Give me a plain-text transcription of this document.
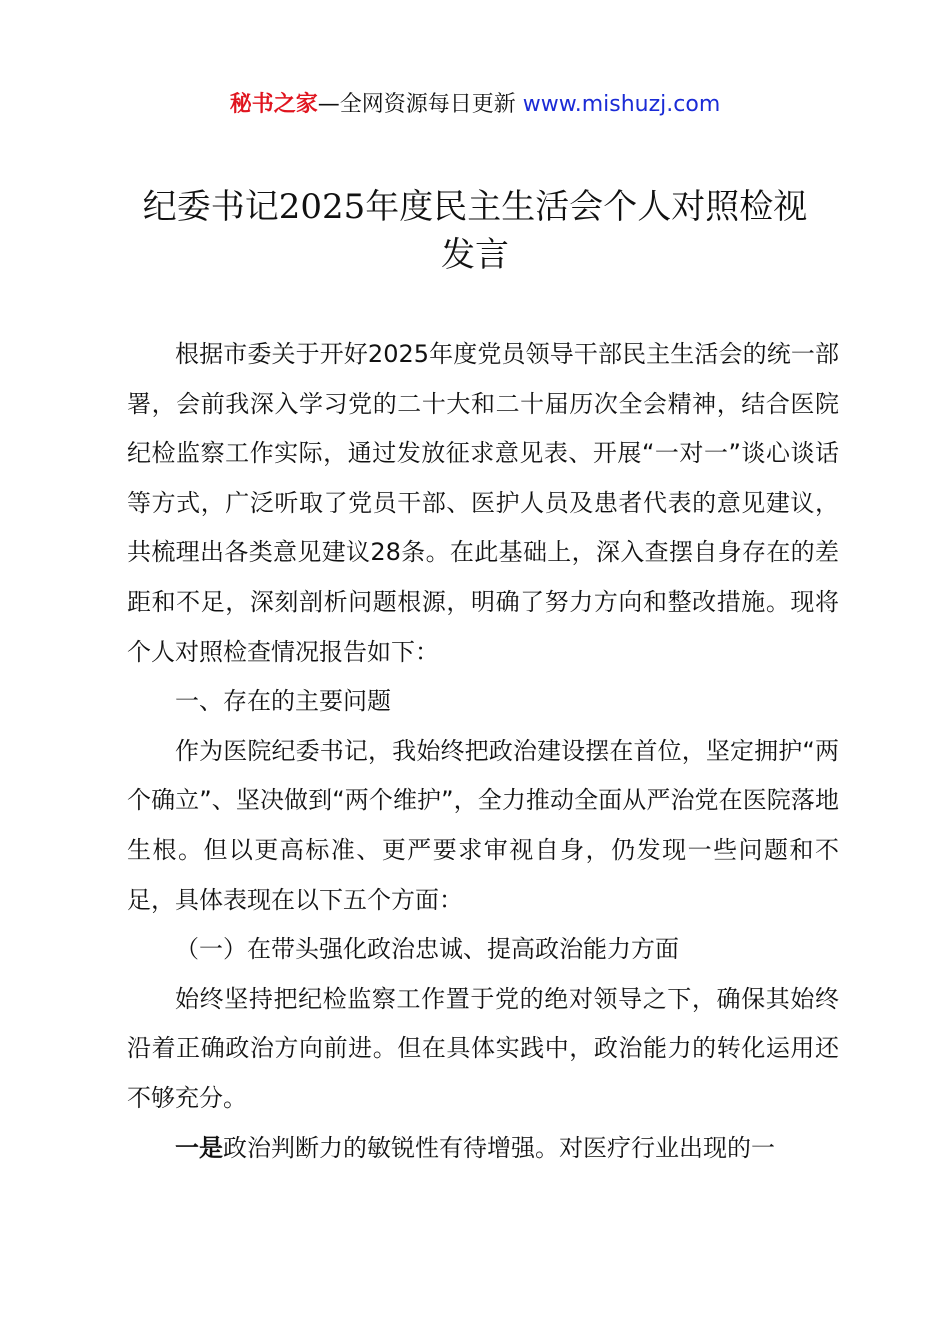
秘书之家—全网资源每日更新 www.mishuzj.com
纪委书记2025年度民主生活会个人对照检视
发言

根据市委关于开好2025年度党员领导干部民主生活会的统一部署，会前我深入学习党的二十大和二十届历次全会精神，结合医院纪检监察工作实际，通过发放征求意见表、开展“一对一”谈心谈话等方式，广泛听取了党员干部、医护人员及患者代表的意见建议，共梳理出各类意见建议28条。在此基础上，深入查摆自身存在的差距和不足，深刻剖析问题根源，明确了努力方向和整改措施。现将个人对照检查情况报告如下：

一、存在的主要问题

作为医院纪委书记，我始终把政治建设摆在首位，坚定拥护“两个确立”、坚决做到“两个维护”，全力推动全面从严治党在医院落地生根。但以更高标准、更严要求审视自身，仍发现一些问题和不足，具体表现在以下五个方面：

（一）在带头强化政治忠诚、提高政治能力方面

始终坚持把纪检监察工作置于党的绝对领导之下，确保其始终沿着正确政治方向前进。但在具体实践中，政治能力的转化运用还不够充分。

一是政治判断力的敏锐性有待增强。对医疗行业出现的一
